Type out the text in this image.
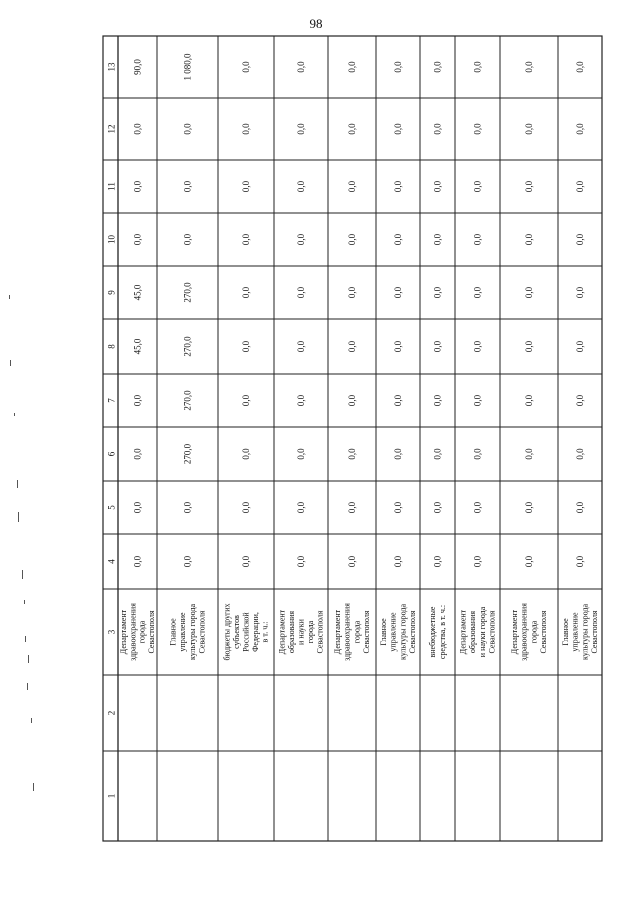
98
1
2
3
4
5
6
7
8
9
10
11
12
13
0,0
0,0
0,0
0,0
45,0
45,0
0,0
0,0
0,0
90,0
Департамент здравоохранения города Севастополя
0,0
0,0
270,0
270,0
270,0
270,0
0,0
0,0
0,0
1 080,0
Главное управление культуры города Севастополя
0,0
0,0
0,0
0,0
0,0
0,0
0,0
0,0
0,0
0,0
бюджеты других субъектов Российской Федерации, в т. ч.:
0,0
0,0
0,0
0,0
0,0
0,0
0,0
0,0
0,0
0,0
Департамент образования и науки города Севастополя
0,0
0,0
0,0
0,0
0,0
0,0
0,0
0,0
0,0
0,0
Департамент здравоохранения города Севастополя
0,0
0,0
0,0
0,0
0,0
0,0
0,0
0,0
0,0
0,0
Главное управление культуры города Севастополя
0,0
0,0
0,0
0,0
0,0
0,0
0,0
0,0
0,0
0,0
внебюджетные средства, в т. ч.:
0,0
0,0
0,0
0,0
0,0
0,0
0,0
0,0
0,0
0,0
Департамент образования и науки города Севастополя
0,0
0,0
0,0
0,0
0,0
0,0
0,0
0,0
0,0
0,0
Департамент здравоохранения города Севастополя
0,0
0,0
0,0
0,0
0,0
0,0
0,0
0,0
0,0
0,0
Главное управление культуры города Севастополя
